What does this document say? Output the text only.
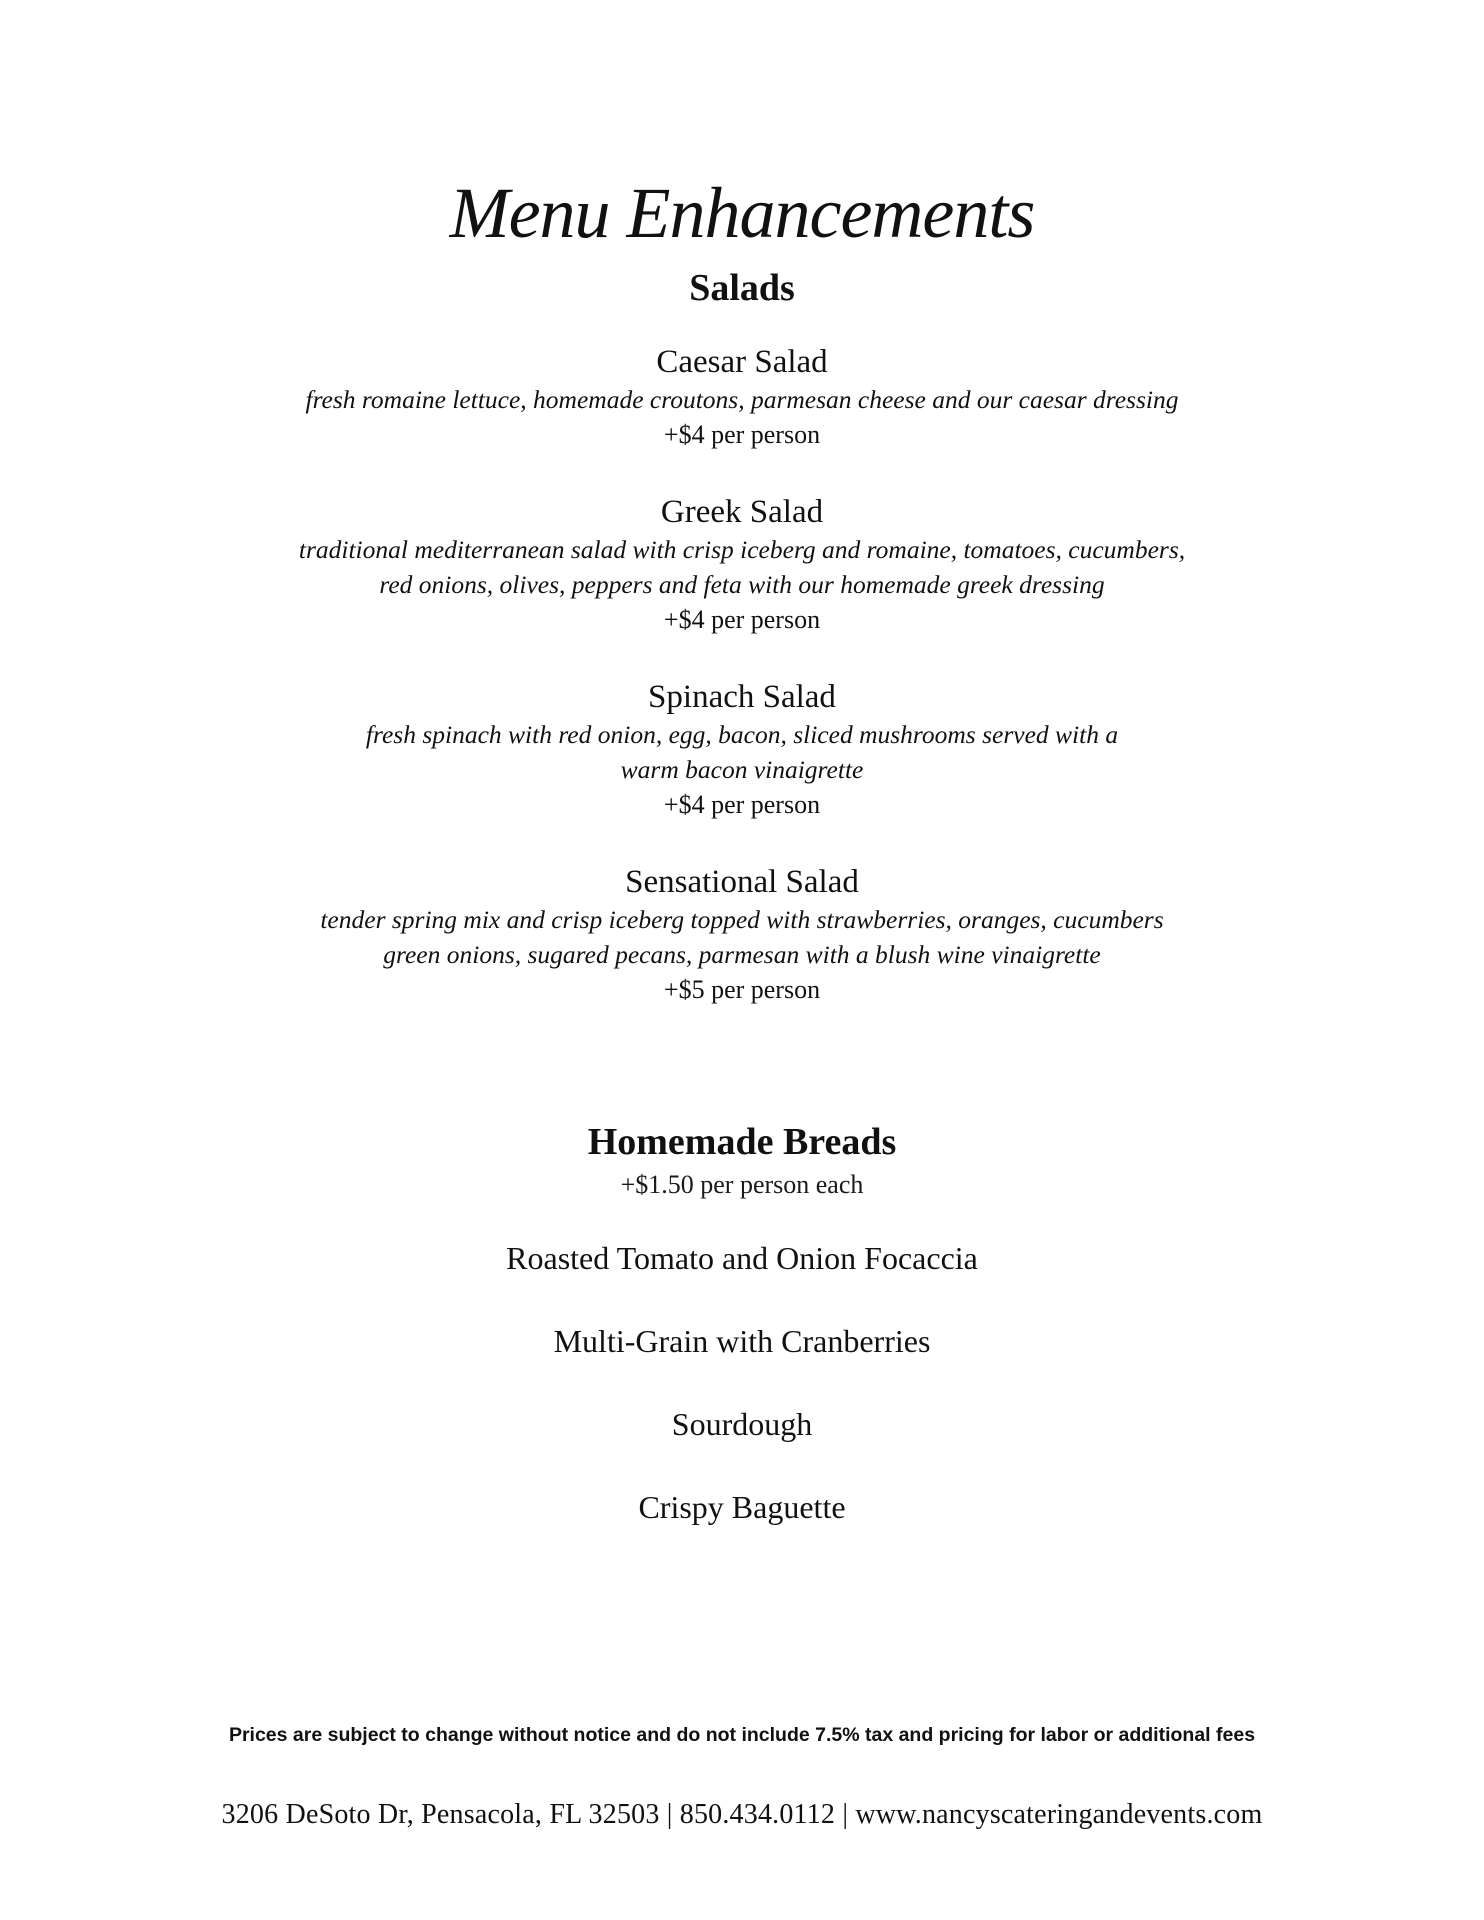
Menu Enhancements
Salads
Caesar Salad
fresh romaine lettuce, homemade croutons, parmesan cheese and our caesar dressing
+$4 per person
Greek Salad
traditional mediterranean salad with crisp iceberg and romaine, tomatoes, cucumbers,
red onions, olives, peppers and feta with our homemade greek dressing
+$4 per person
Spinach Salad
fresh spinach with red onion, egg, bacon, sliced mushrooms served with a
warm bacon vinaigrette
+$4 per person
Sensational Salad
tender spring mix and crisp iceberg topped with strawberries, oranges, cucumbers
green onions, sugared pecans, parmesan with a blush wine vinaigrette
+$5 per person
Homemade Breads
+$1.50 per person each
Roasted Tomato and Onion Focaccia
Multi-Grain with Cranberries
Sourdough
Crispy Baguette
Prices are subject to change without notice and do not include 7.5% tax and pricing for labor or additional fees
3206 DeSoto Dr, Pensacola, FL 32503 | 850.434.0112 | www.nancyscateringandevents.com
